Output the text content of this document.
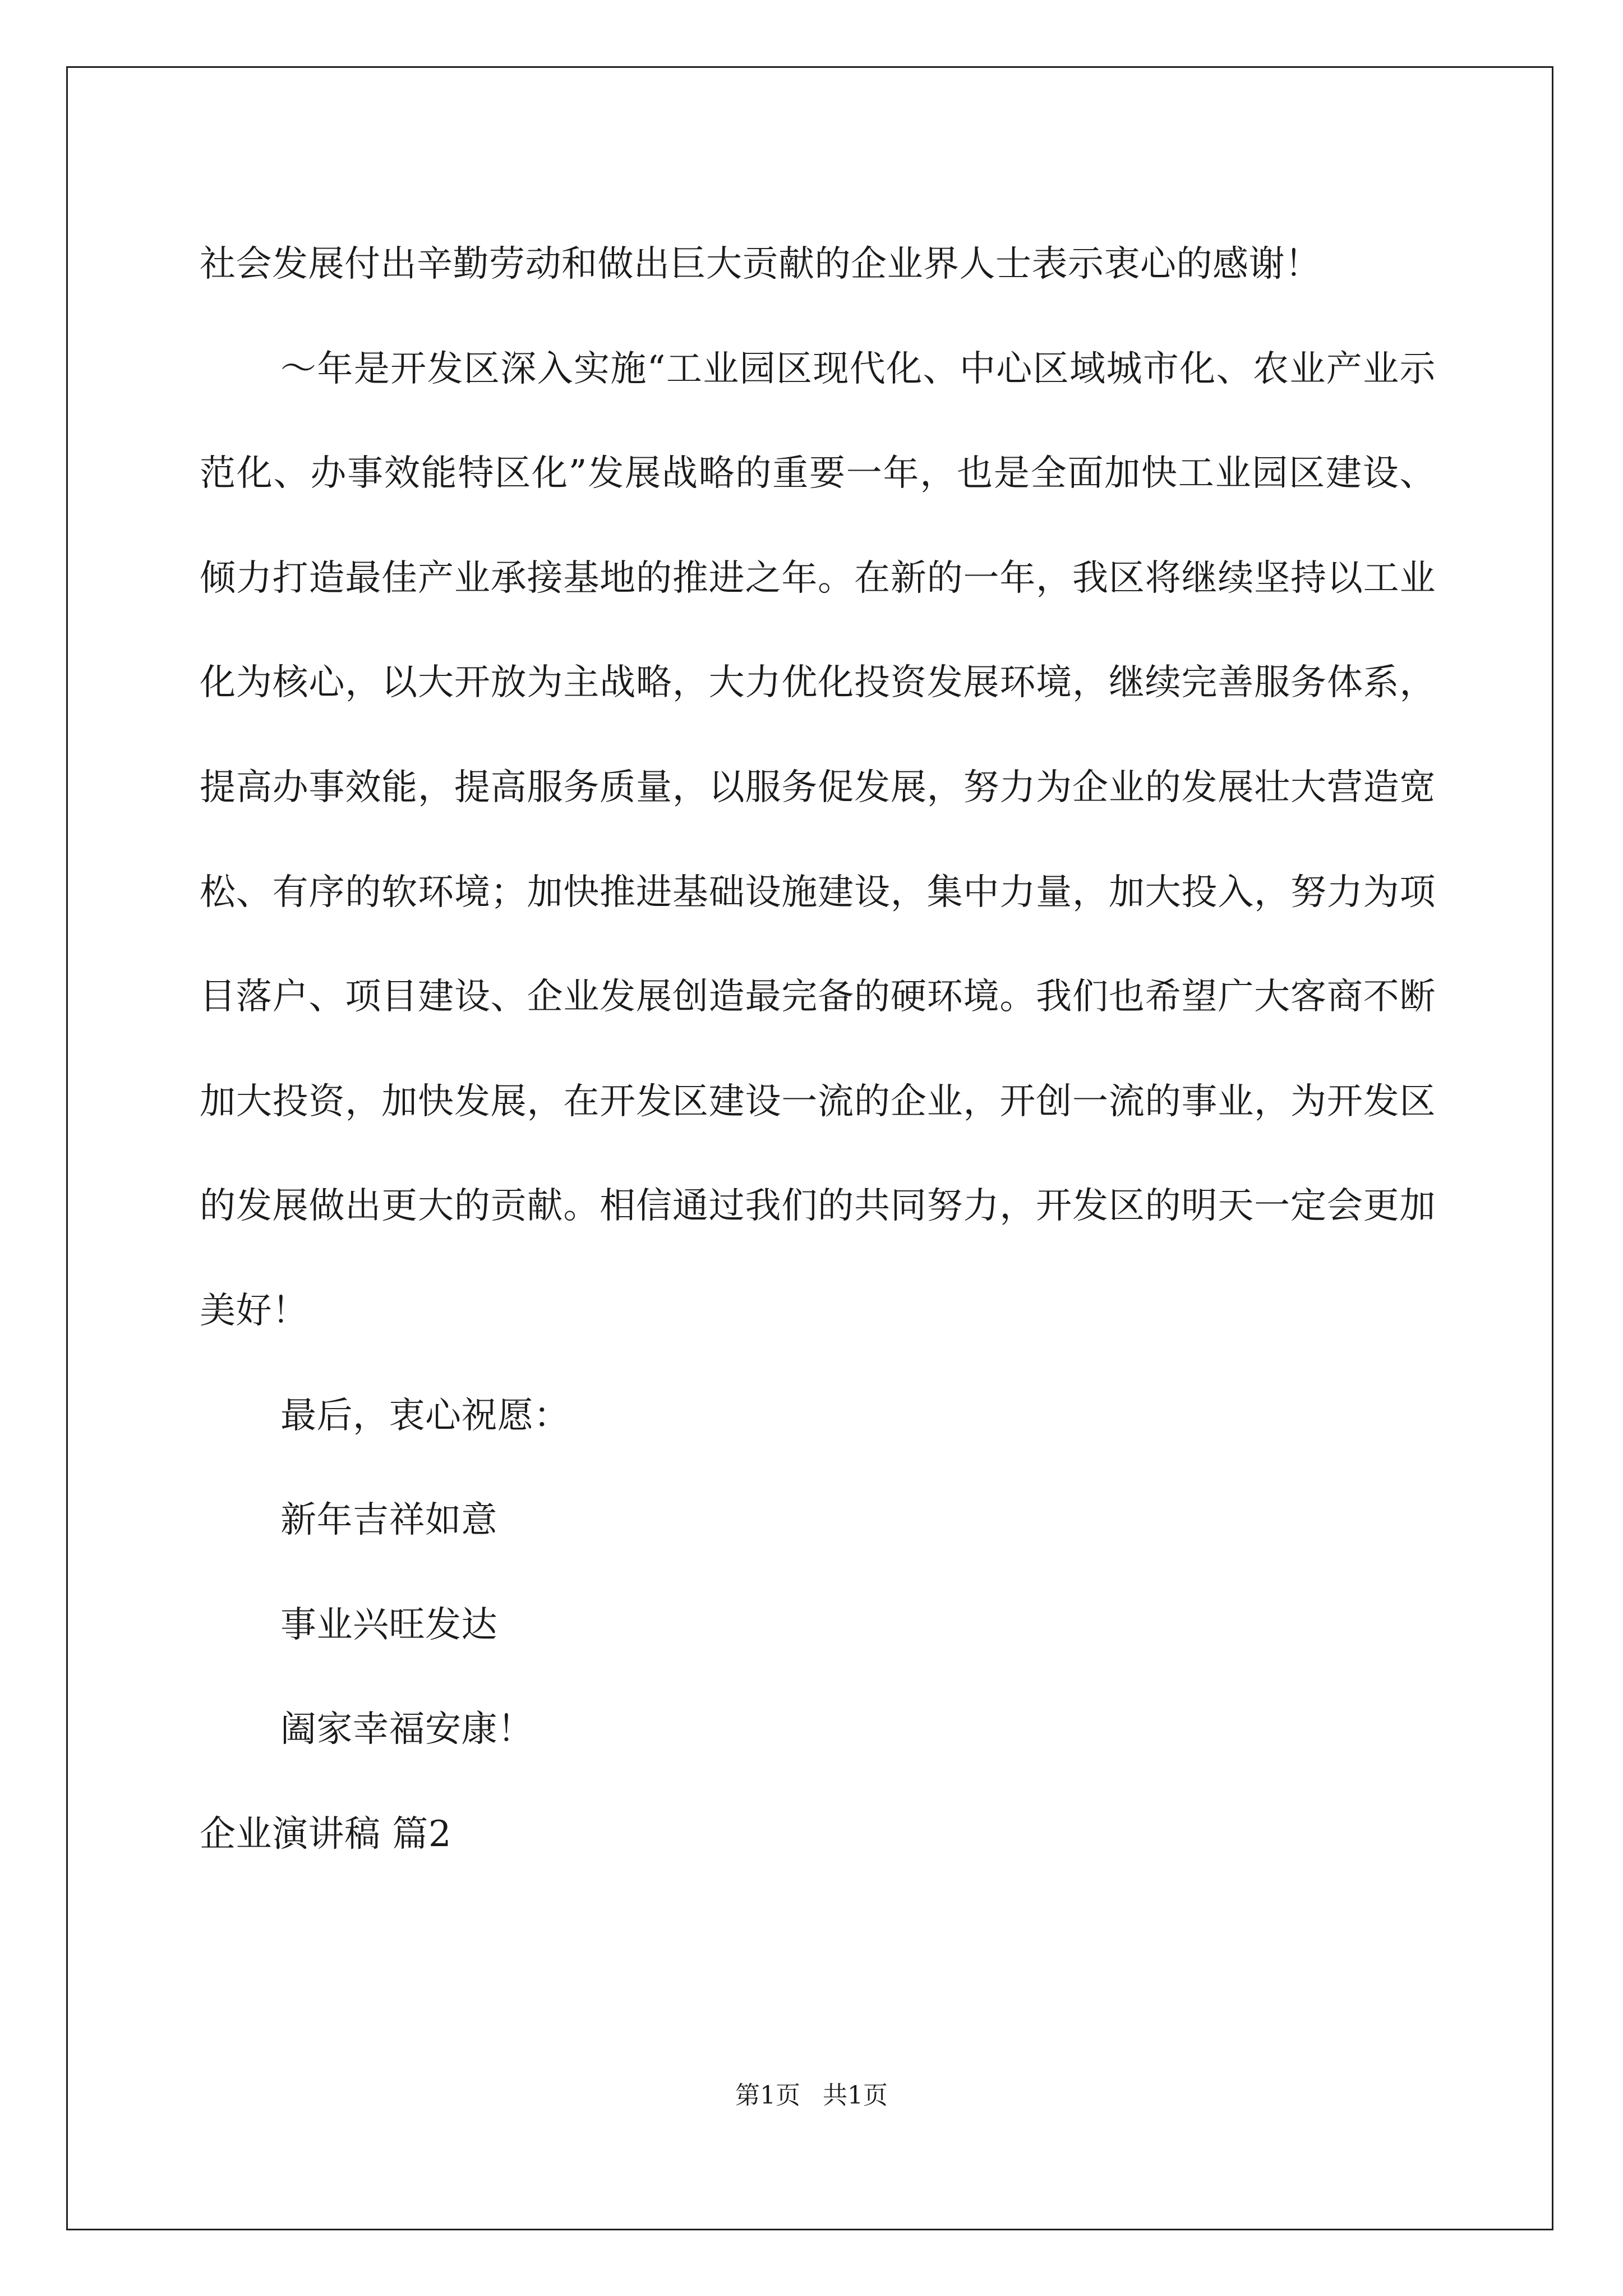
社会发展付出辛勤劳动和做出巨大贡献的企业界人士表示衷心的感谢！

～年是开发区深入实施“工业园区现代化、中心区域城市化、农业产业示范化、办事效能特区化”发展战略的重要一年，也是全面加快工业园区建设、倾力打造最佳产业承接基地的推进之年。在新的一年，我区将继续坚持以工业化为核心，以大开放为主战略，大力优化投资发展环境，继续完善服务体系，提高办事效能，提高服务质量，以服务促发展，努力为企业的发展壮大营造宽松、有序的软环境；加快推进基础设施建设，集中力量，加大投入，努力为项目落户、项目建设、企业发展创造最完备的硬环境。我们也希望广大客商不断加大投资，加快发展，在开发区建设一流的企业，开创一流的事业，为开发区的发展做出更大的贡献。相信通过我们的共同努力，开发区的明天一定会更加美好！

最后，衷心祝愿：

新年吉祥如意

事业兴旺发达

阖家幸福安康！

企业演讲稿 篇2

第1页 共1页
